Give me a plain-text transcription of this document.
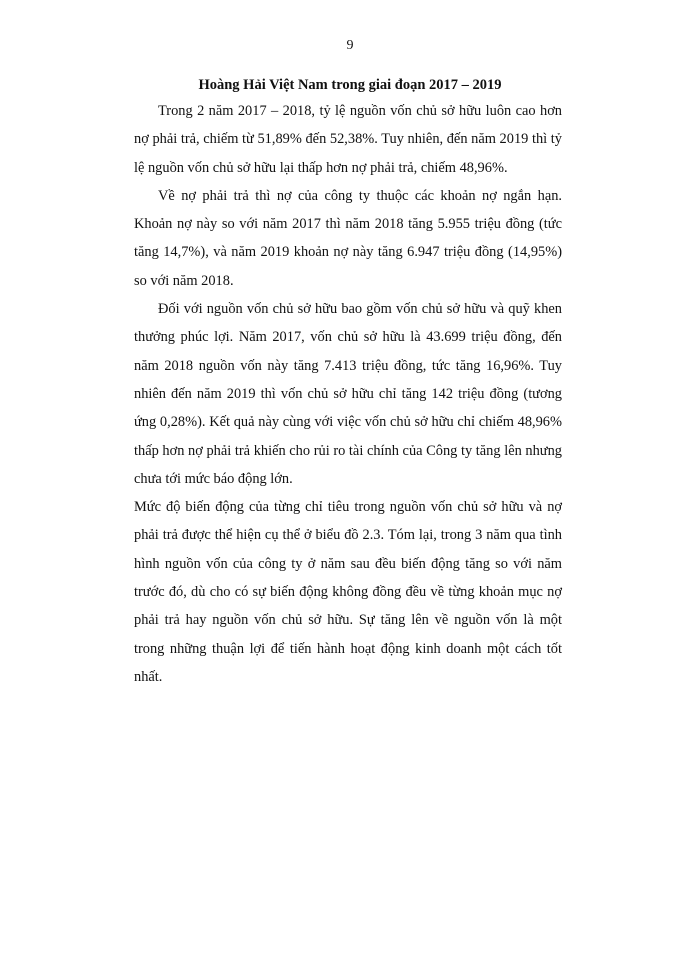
9
Hoàng Hải Việt Nam trong giai đoạn 2017 – 2019

Trong 2 năm 2017 – 2018, tỷ lệ nguồn vốn chủ sở hữu luôn cao hơn nợ phải trả, chiếm từ 51,89% đến 52,38%. Tuy nhiên, đến năm 2019 thì tỷ lệ nguồn vốn chủ sở hữu lại thấp hơn nợ phải trả, chiếm 48,96%.

Về nợ phải trả thì nợ của công ty thuộc các khoản nợ ngắn hạn. Khoản nợ này so với năm 2017 thì năm 2018 tăng 5.955 triệu đồng (tức tăng 14,7%), và năm 2019 khoản nợ này tăng 6.947 triệu đồng (14,95%) so với năm 2018.

Đối với nguồn vốn chủ sở hữu bao gồm vốn chủ sở hữu và quỹ khen thưởng phúc lợi. Năm 2017, vốn chủ sở hữu là 43.699 triệu đồng, đến năm 2018 nguồn vốn này tăng 7.413 triệu đồng, tức tăng 16,96%. Tuy nhiên đến năm 2019 thì vốn chủ sở hữu chỉ tăng 142 triệu đồng (tương ứng 0,28%). Kết quả này cùng với việc vốn chủ sở hữu chỉ chiếm 48,96% thấp hơn nợ phải trả khiến cho rủi ro tài chính của Công ty tăng lên nhưng chưa tới mức báo động lớn.

Mức độ biến động của từng chỉ tiêu trong nguồn vốn chủ sở hữu và nợ phải trả được thể hiện cụ thể ở biểu đồ 2.3. Tóm lại, trong 3 năm qua tình hình nguồn vốn của công ty ở năm sau đều biến động tăng so với năm trước đó, dù cho có sự biến động không đồng đều về từng khoản mục nợ phải trả hay nguồn vốn chủ sở hữu. Sự tăng lên về nguồn vốn là một trong những thuận lợi để tiến hành hoạt động kinh doanh một cách tốt nhất.
